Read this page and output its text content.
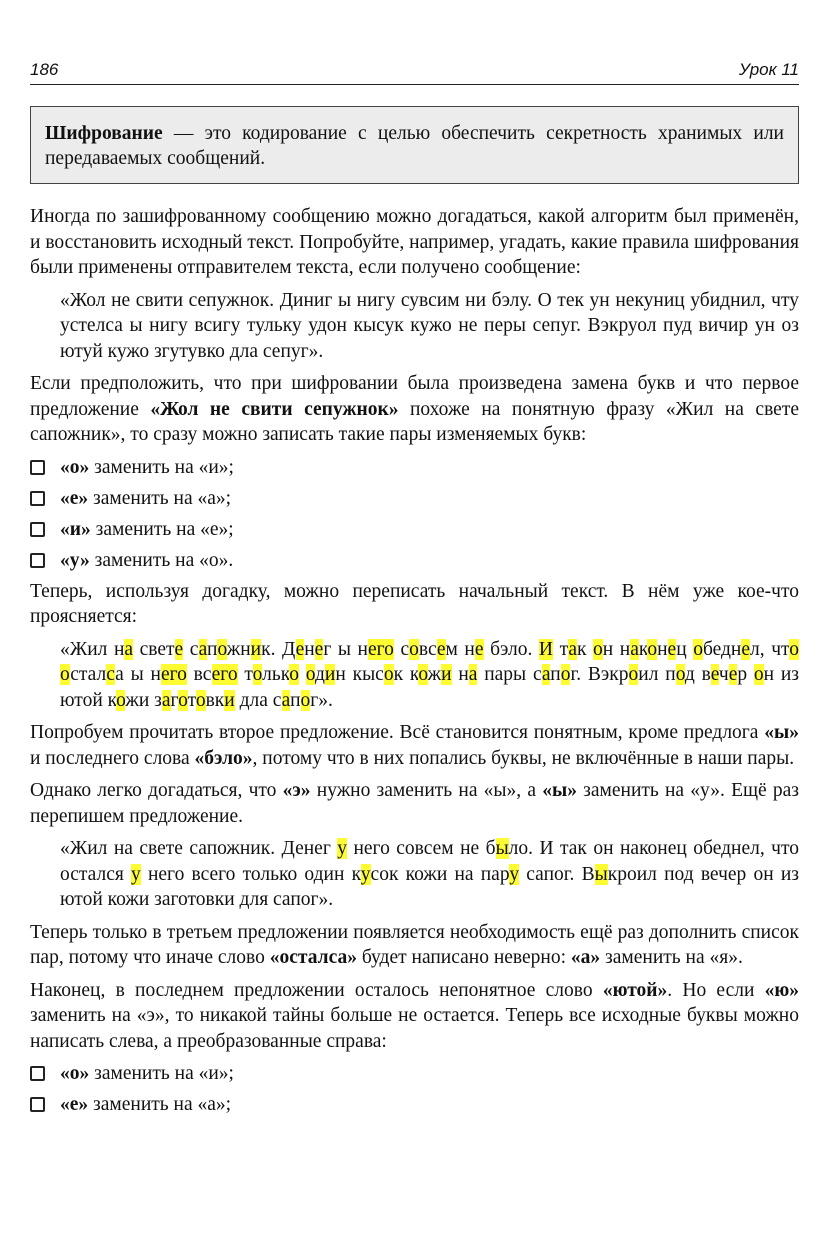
186	Урок 11
Шифрование — это кодирование с целью обеспечить секретность хранимых или передаваемых сообщений.

Иногда по зашифрованному сообщению можно догадаться, какой алгоритм был применён, и восстановить исходный текст. Попробуйте, например, угадать, какие правила шифрования были применены отправителем текста, если получено сообщение:

«Жол не свити сепужнок. Диниг ы нигу сувсим ни бэлу. О тек ун некуниц убиднил, чту устелса ы нигу всигу тульку удон кысук кужо не перы сепуг. Вэкруол пуд вичир ун оз ютуй кужо згутувко дла сепуг».

Если предположить, что при шифровании была произведена замена букв и что первое предложение «Жол не свити сепужнок» похоже на понятную фразу «Жил на свете сапожник», то сразу можно записать такие пары изменяемых букв:

«о» заменить на «и»;
«е» заменить на «а»;
«и» заменить на «е»;
«у» заменить на «о».

Теперь, используя догадку, можно переписать начальный текст. В нём уже кое-что проясняется:

«Жил на свете сапожник. Денег ы него совсем не бэло. И так он наконец обеднел, что осталса ы него всего только один кысок кожи на пары сапог. Вэкроил под вечер он из ютой кожи заготовки дла сапог».

Попробуем прочитать второе предложение. Всё становится понятным, кроме предлога «ы» и последнего слова «бэло», потому что в них попались буквы, не включённые в наши пары.

Однако легко догадаться, что «э» нужно заменить на «ы», а «ы» заменить на «у». Ещё раз перепишем предложение.

«Жил на свете сапожник. Денег у него совсем не было. И так он наконец обеднел, что остался у него всего только один кусок кожи на пару сапог. Выкроил под вечер он из ютой кожи заготовки для сапог».

Теперь только в третьем предложении появляется необходимость ещё раз дополнить список пар, потому что иначе слово «осталса» будет написано неверно: «а» заменить на «я».

Наконец, в последнем предложении осталось непонятное слово «ютой». Но если «ю» заменить на «э», то никакой тайны больше не остается. Теперь все исходные буквы можно написать слева, а преобразованные справа:

«о» заменить на «и»;
«е» заменить на «а»;
